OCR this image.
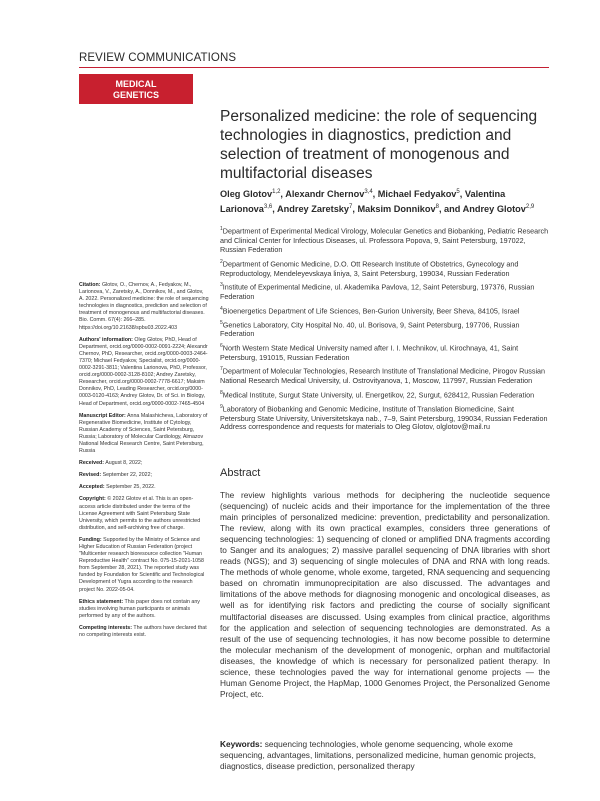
REVIEW COMMUNICATIONS
MEDICAL
GENETICS
Personalized medicine: the role of sequencing technologies in diagnostics, prediction and selection of treatment of monogenous and multifactorial diseases
Oleg Glotov$^{1,2}$, Alexandr Chernov$^{3,4}$, Michael Fedyakov$^5$, Valentina Larionova$^{3,6}$, Andrey Zaretsky$^7$, Maksim Donnikov$^8$, and Andrey Glotov$^{2,9}$
$^1$Department of Experimental Medical Virology, Molecular Genetics and Biobanking, Pediatric Research and Clinical Center for Infectious Diseases, ul. Professora Popova, 9, Saint Petersburg, 197022, Russian Federation
$^2$Department of Genomic Medicine, D.O. Ott Research Institute of Obstetrics, Gynecology and Reproductology, Mendeleyevskaya liniya, 3, Saint Petersburg, 199034, Russian Federation
$^3$Institute of Experimental Medicine, ul. Akademika Pavlova, 12, Saint Petersburg, 197376, Russian Federation
$^4$Bioenergetics Department of Life Sciences, Ben-Gurion University, Beer Sheva, 84105, Israel
$^5$Genetics Laboratory, City Hospital No. 40, ul. Borisova, 9, Saint Petersburg, 197706, Russian Federation
$^6$North Western State Medical University named after I. I. Mechnikov, ul. Kirochnaya, 41, Saint Petersburg, 191015, Russian Federation
$^7$Department of Molecular Technologies, Research Institute of Translational Medicine, Pirogov Russian National Research Medical University, ul. Ostrovityanova, 1, Moscow, 117997, Russian Federation
$^8$Medical Institute, Surgut State University, ul. Energetikov, 22, Surgut, 628412, Russian Federation
$^9$Laboratory of Biobanking and Genomic Medicine, Institute of Translation Biomedicine, Saint Petersburg State University, Universitetskaya nab., 7–9, Saint Petersburg, 199034, Russian Federation
Address correspondence and requests for materials to Oleg Glotov, olglotov@mail.ru
Abstract
The review highlights various methods for deciphering the nucleotide sequence (sequencing) of nucleic acids and their importance for the implementation of the three main principles of personalized medicine: prevention, predictability and personalization. The review, along with its own practical examples, considers three generations of sequencing technologies: 1) sequencing of cloned or amplified DNA fragments according to Sanger and its analogues; 2) massive parallel sequencing of DNA libraries with short reads (NGS); and 3) sequencing of single molecules of DNA and RNA with long reads. The methods of whole genome, whole exome, targeted, RNA sequencing and sequencing based on chromatin immunoprecipitation are also discussed. The advantages and limitations of the above methods for diagnosing monogenic and oncological diseases, as well as for identifying risk factors and predicting the course of socially significant multifactorial diseases are discussed. Using examples from clinical practice, algorithms for the application and selection of sequencing technologies are demonstrated. As a result of the use of sequencing technologies, it has now become possible to determine the molecular mechanism of the development of monogenic, orphan and multifactorial diseases, the knowledge of which is necessary for personalized patient therapy. In science, these technologies paved the way for international genome projects — the Human Genome Project, the HapMap, 1000 Genomes Project, the Personalized Genome Project, etc.
Keywords: sequencing technologies, whole genome sequencing, whole exome sequencing, advantages, limitations, personalized medicine, human genomic projects, diagnostics, disease prediction, personalized therapy
Citation: Glotov, O., Chernov, A., Fedyakov, M., Larionova, V., Zaretsky, A., Donnikov, M., and Glotov, A. 2022. Personalized medicine: the role of sequencing technologies in diagnostics, prediction and selection of treatment of monogenous and multifactorial diseases. Bio. Comm. 67(4): 266–285. https://doi.org/10.21638/spbu03.2022.403
Authors' information: Oleg Glotov, PhD, Head of Department, orcid.org/0000-0002-0091-2224; Alexandr Chernov, PhD, Researcher, orcid.org/0000-0003-2464-7370; Michael Fedyakov, Specialist, orcid.org/0000-0002-3291-3811; Valentina Larionova, PhD, Professor, orcid.org/0000-0002-3128-8102; Andrey Zaretsky, Researcher, orcid.org/0000-0002-7778-6617; Maksim Donnikov, PhD, Leading Researcher, orcid.org/0000-0003-0120-4163; Andrey Glotov, Dr. of Sci. in Biology, Head of Department, orcid.org/0000-0002-7465-4504
Manuscript Editor: Anna Malashicheva, Laboratory of Regenerative Biomedicine, Institute of Cytology, Russian Academy of Sciences, Saint Petersburg, Russia; Laboratory of Molecular Cardiology, Almazov National Medical Research Centre, Saint Petersburg, Russia
Received: August 8, 2022;
Revised: September 22, 2022;
Accepted: September 25, 2022.
Copyright: © 2022 Glotov et al. This is an open-access article distributed under the terms of the License Agreement with Saint Petersburg State University, which permits to the authors unrestricted distribution, and self-archiving free of charge.
Funding: Supported by the Ministry of Science and Higher Education of Russian Federation (project "Multicenter research bioresource collection "Human Reproductive Health" contract No. 075-15-2021-1058 from September 28, 2021). The reported study was funded by Foundation for Scientific and Technological Development of Yugra according to the research project No. 2022-05-04.
Ethics statement: This paper does not contain any studies involving human participants or animals performed by any of the authors.
Competing interests: The authors have declared that no competing interests exist.
